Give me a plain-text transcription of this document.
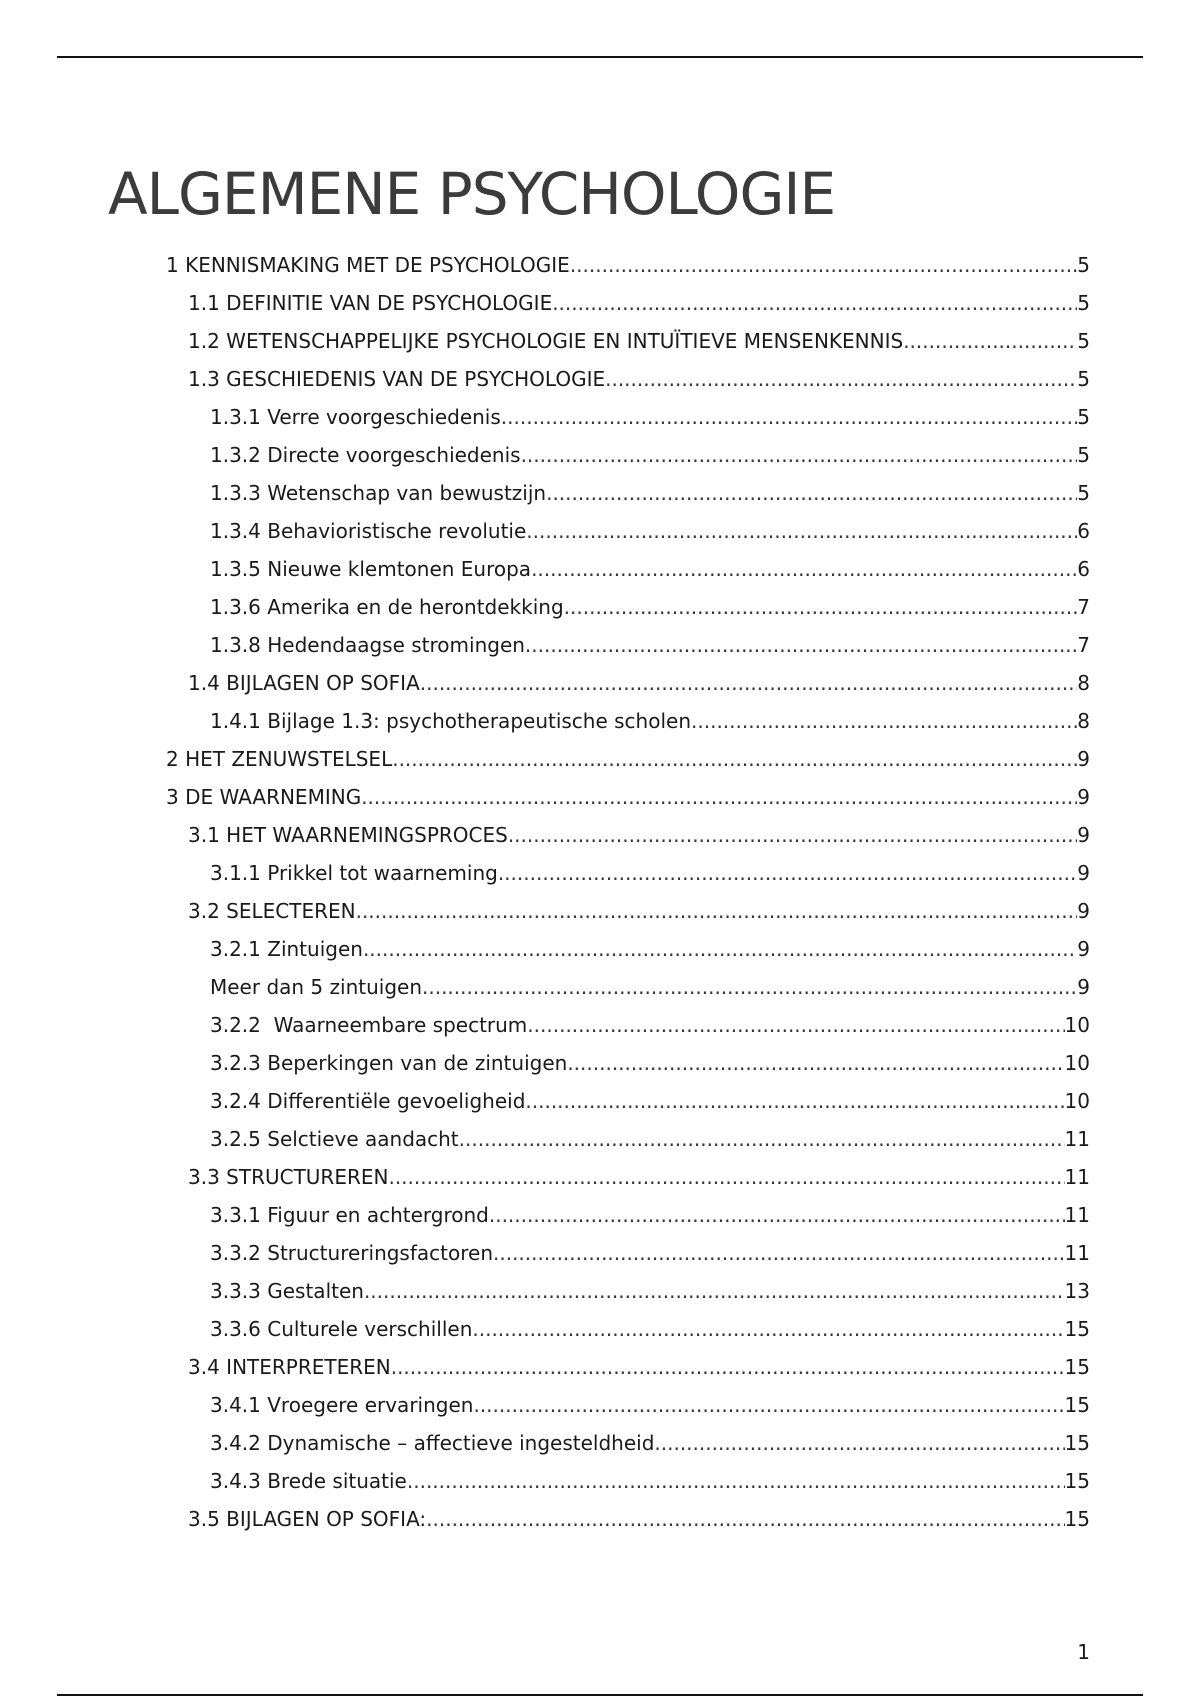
ALGEMENE PSYCHOLOGIE
1 KENNISMAKING MET DE PSYCHOLOGIE .....	5
1.1 DEFINITIE VAN DE PSYCHOLOGIE .....	5
1.2 WETENSCHAPPELIJKE PSYCHOLOGIE EN INTUÏTIEVE MENSENKENNIS .....	5
1.3 GESCHIEDENIS VAN DE PSYCHOLOGIE .....	5
1.3.1 Verre voorgeschiedenis .....	5
1.3.2 Directe voorgeschiedenis .....	5
1.3.3 Wetenschap van bewustzijn .....	5
1.3.4 Behavioristische revolutie .....	6
1.3.5 Nieuwe klemtonen Europa .....	6
1.3.6 Amerika en de herontdekking .....	7
1.3.8 Hedendaagse stromingen .....	7
1.4 BIJLAGEN OP SOFIA .....	8
1.4.1 Bijlage 1.3: psychotherapeutische scholen .....	8
2 HET ZENUWSTELSEL .....	9
3 DE WAARNEMING .....	9
3.1 HET WAARNEMINGSPROCES .....	9
3.1.1 Prikkel tot waarneming .....	9
3.2 SELECTEREN .....	9
3.2.1 Zintuigen .....	9
Meer dan 5 zintuigen .....	9
3.2.2  Waarneembare spectrum .....	10
3.2.3 Beperkingen van de zintuigen .....	10
3.2.4 Differentiële gevoeligheid .....	10
3.2.5 Selctieve aandacht .....	11
3.3 STRUCTUREREN .....	11
3.3.1 Figuur en achtergrond .....	11
3.3.2 Structureringsfactoren .....	11
3.3.3 Gestalten .....	13
3.3.6 Culturele verschillen .....	15
3.4 INTERPRETEREN .....	15
3.4.1 Vroegere ervaringen .....	15
3.4.2 Dynamische – affectieve ingesteldheid .....	15
3.4.3 Brede situatie .....	15
3.5 BIJLAGEN OP SOFIA: .....	15
1
